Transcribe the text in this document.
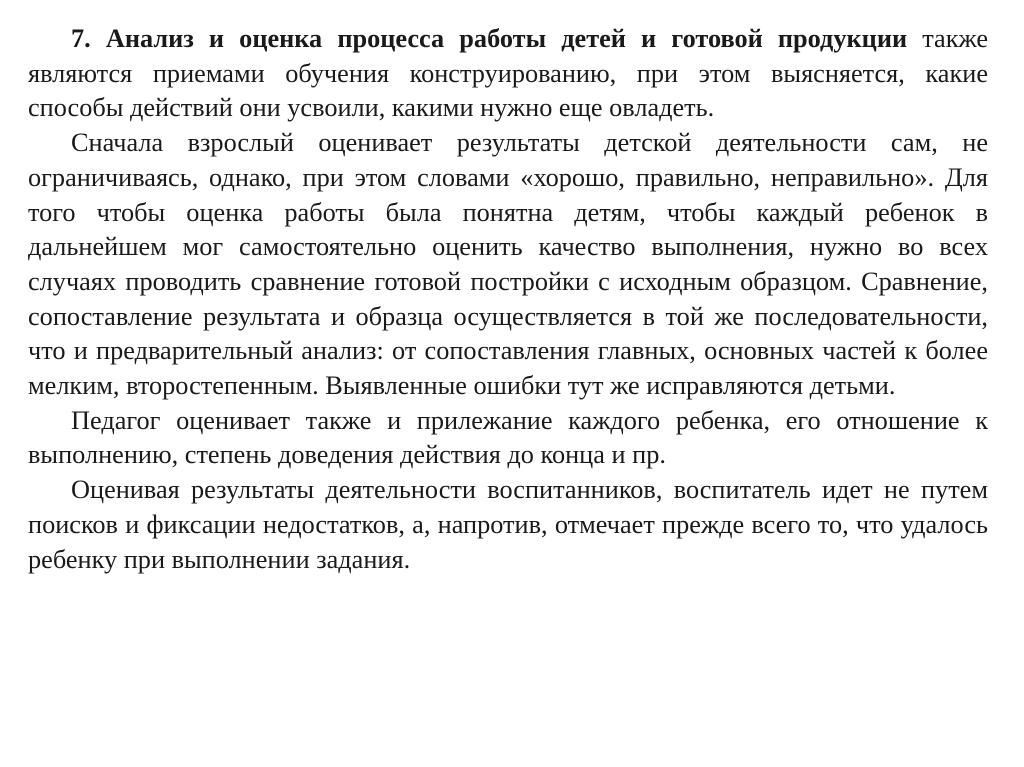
7. Анализ и оценка процесса работы детей и готовой продукции также являются приемами обучения конструированию, при этом выясняется, какие способы действий они усвоили, какими нужно еще овладеть.

Сначала взрослый оценивает результаты детской деятельности сам, не ограничиваясь, однако, при этом словами «хорошо, правильно, неправильно». Для того чтобы оценка работы была понятна детям, чтобы каждый ребенок в дальнейшем мог самостоятельно оценить качество выполнения, нужно во всех случаях проводить сравнение готовой постройки с исходным образцом. Сравнение, сопоставление результата и образца осуществляется в той же последовательности, что и предварительный анализ: от сопоставления главных, основных частей к более мелким, второстепенным. Выявленные ошибки тут же исправляются детьми.

Педагог оценивает также и прилежание каждого ребенка, его отношение к выполнению, степень доведения действия до конца и пр.

Оценивая результаты деятельности воспитанников, воспитатель идет не путем поисков и фиксации недостатков, а, напротив, отмечает прежде всего то, что удалось ребенку при выполнении задания.
